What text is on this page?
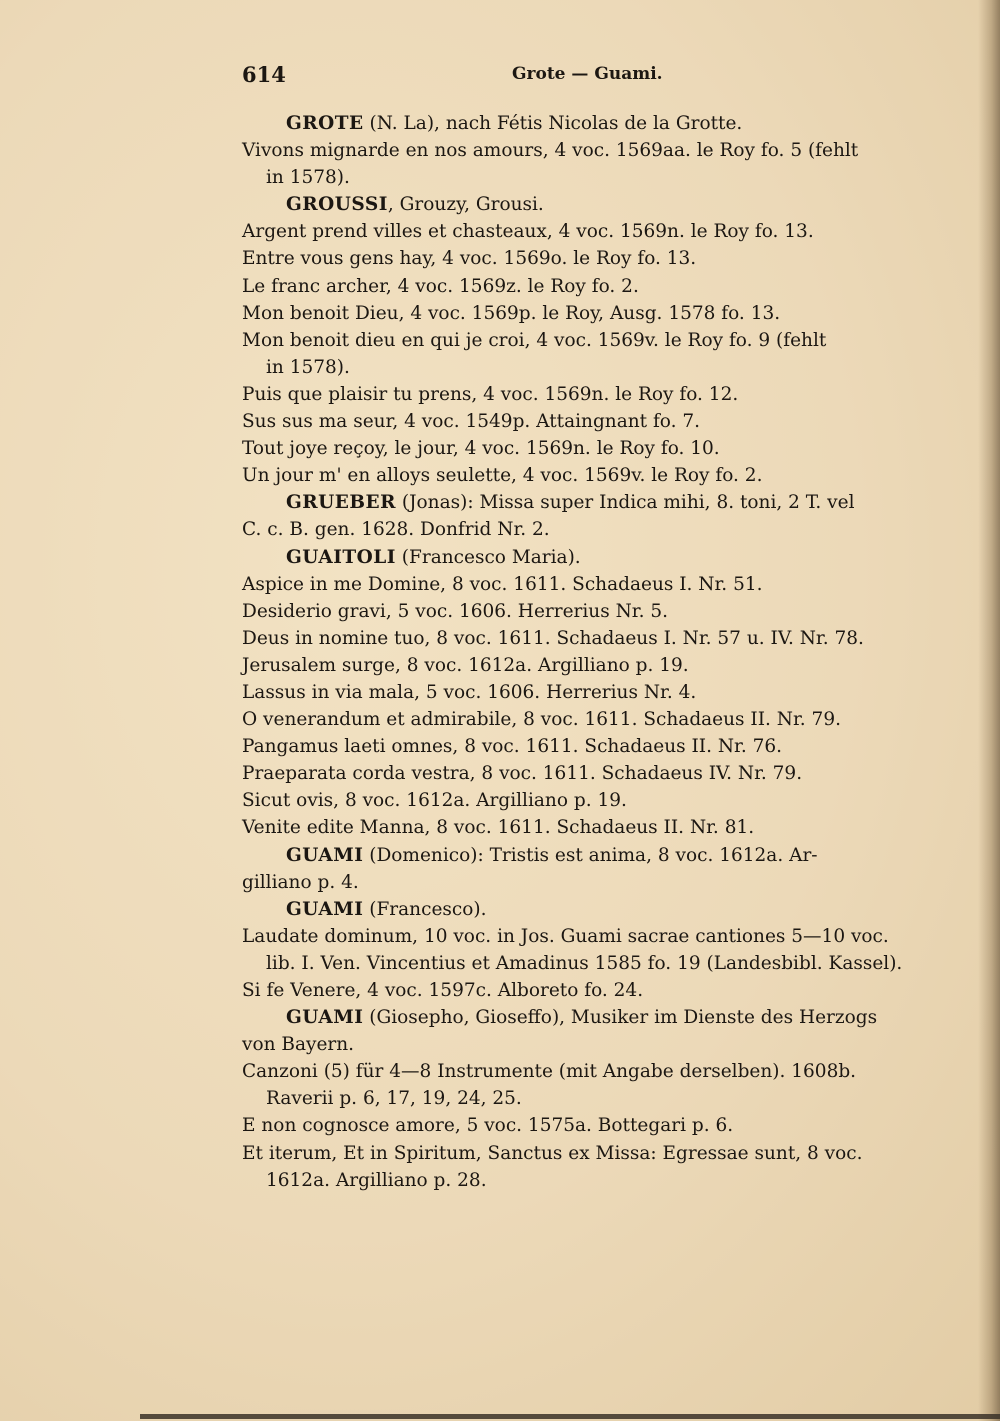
614	Grote — Guami.

GROTE (N. La), nach Fétis Nicolas de la Grotte.

Vivons mignarde en nos amours, 4 voc. 1569aa. le Roy fo. 5 (fehlt

in 1578).

GROUSSI, Grouzy, Grousi.

Argent prend villes et chasteaux, 4 voc. 1569n. le Roy fo. 13.

Entre vous gens hay, 4 voc. 1569o. le Roy fo. 13.

Le franc archer, 4 voc. 1569z. le Roy fo. 2.

Mon benoit Dieu, 4 voc. 1569p. le Roy, Ausg. 1578 fo. 13.

Mon benoit dieu en qui je croi, 4 voc. 1569v. le Roy fo. 9 (fehlt

in 1578).

Puis que plaisir tu prens, 4 voc. 1569n. le Roy fo. 12.

Sus sus ma seur, 4 voc. 1549p. Attaingnant fo. 7.

Tout joye reçoy, le jour, 4 voc. 1569n. le Roy fo. 10.

Un jour m' en alloys seulette, 4 voc. 1569v. le Roy fo. 2.

GRUEBER (Jonas): Missa super Indica mihi, 8. toni, 2 T. vel

C. c. B. gen. 1628. Donfrid Nr. 2.

GUAITOLI (Francesco Maria).

Aspice in me Domine, 8 voc. 1611. Schadaeus I. Nr. 51.

Desiderio gravi, 5 voc. 1606. Herrerius Nr. 5.

Deus in nomine tuo, 8 voc. 1611. Schadaeus I. Nr. 57 u. IV. Nr. 78.

Jerusalem surge, 8 voc. 1612a. Argilliano p. 19.

Lassus in via mala, 5 voc. 1606. Herrerius Nr. 4.

O venerandum et admirabile, 8 voc. 1611. Schadaeus II. Nr. 79.

Pangamus laeti omnes, 8 voc. 1611. Schadaeus II. Nr. 76.

Praeparata corda vestra, 8 voc. 1611. Schadaeus IV. Nr. 79.

Sicut ovis, 8 voc. 1612a. Argilliano p. 19.

Venite edite Manna, 8 voc. 1611. Schadaeus II. Nr. 81.

GUAMI (Domenico): Tristis est anima, 8 voc. 1612a. Ar-

gilliano p. 4.

GUAMI (Francesco).

Laudate dominum, 10 voc. in Jos. Guami sacrae cantiones 5—10 voc.

lib. I. Ven. Vincentius et Amadinus 1585 fo. 19 (Landesbibl. Kassel).

Si fe Venere, 4 voc. 1597c. Alboreto fo. 24.

GUAMI (Giosepho, Gioseffo), Musiker im Dienste des Herzogs

von Bayern.

Canzoni (5) für 4—8 Instrumente (mit Angabe derselben). 1608b.

Raverii p. 6, 17, 19, 24, 25.

E non cognosce amore, 5 voc. 1575a. Bottegari p. 6.

Et iterum, Et in Spiritum, Sanctus ex Missa: Egressae sunt, 8 voc.

1612a. Argilliano p. 28.
